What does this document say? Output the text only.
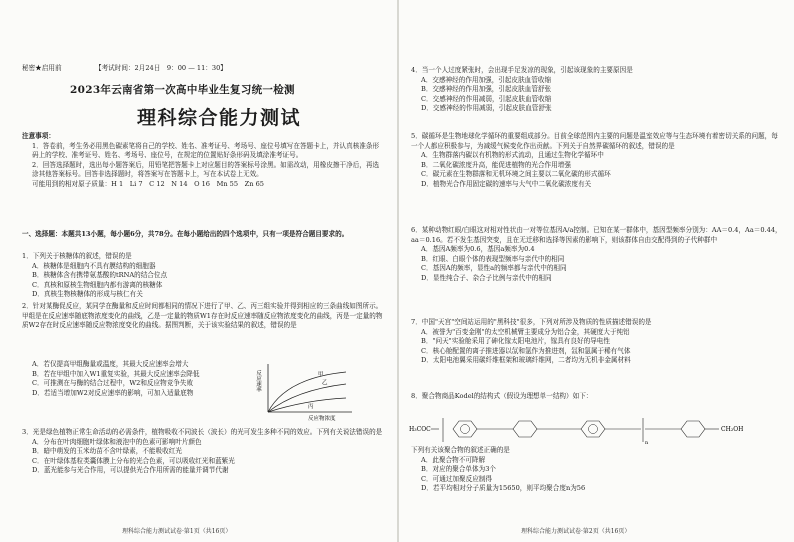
秘密★启用前	【考试时间：2月24日　9：00 — 11：30】
2023年云南省第一次高中毕业生复习统一检测
理科综合能力测试
注意事项：
1．答卷前，考生务必用黑色碳素笔将自己的学校、姓名、准考证号、考场号、座位号填写在答题卡上，并认真核准条形码上的学校、准考证号、姓名、考场号、座位号，在规定的位置贴好条形码及填涂准考证号。
2．回答选择题时，选出每小题答案后，用铅笔把答题卡上对应题目的答案标号涂黑。如需改动，用橡皮擦干净后，再选涂其他答案标号。回答非选择题时，将答案写在答题卡上，写在本试卷上无效。
可能用到的相对原子质量：H 1　Li 7　C 12　N 14　O 16　Mn 55　Zn 65
一、选择题：本题共13小题，每小题6分，共78分。在每小题给出的四个选项中，只有一项是符合题目要求的。
1．下列关于核糖体的叙述，错误的是
A．核糖体是细胞内不具有膜结构的细胞器
B．核糖体含有携带氨基酸的tRNA的结合位点
C．真核和原核生物细胞内都有游离的核糖体
D．真核生物核糖体的形成与核仁有关
2．针对某酶促反应，某同学在酶量和反应时间都相同的情况下进行了甲、乙、丙三组实验并得到相应的三条曲线如图所示。甲组是在反应速率随底物浓度变化的曲线，乙是一定量的物质W1存在时反应速率随反应物浓度变化的曲线，丙是一定量的物质W2存在时反应速率随反应物浓度变化的曲线。据图判断，关于该实验结果的叙述，错误的是
A．若仅提高甲组酶量或温度，其最大反应速率会增大
B．若在甲组中加入W1重复实验，其最大反应速率会降低
C．可推测在与酶的结合过程中，W2和反应物竞争失败
D．若适当增加W2对反应速率的影响，可加入适量底物
反应速率
反应物浓度
甲
乙
丙
3．光是绿色植物正常生命活动的必需条件，植物吸收不同波长（波长）的光可发生多种不同的效应。下列有关说法错误的是
A．分布在叶肉细胞叶绿体和液泡中的色素可影响叶片颜色
B．暗中萌发的玉米幼苗不含叶绿素，不能吸收红光
C．在叶绿体基粒类囊体膜上分布的光合色素，可以吸收红光和蓝紫光
D．蓝光能参与光合作用，可以提供光合作用所需的能量并调节代谢
理科综合能力测试试卷·第1页（共16页）
4．当一个人过度紧张时，会出现手足发凉的现象，引起该现象的主要原因是
A．交感神经的作用加强，引起皮肤血管收缩
B．交感神经的作用加强，引起皮肤血管舒张
C．交感神经的作用减弱，引起皮肤血管收缩
D．交感神经的作用减弱，引起皮肤血管舒张
5．碳循环是生物地球化学循环的重要组成部分。目前全球范围内主要的问题是温室效应等与生态环境有着密切关系的问题，每一个人都应积极参与，为减缓气候变化作出贡献。下列关于自然界碳循环的叙述，错误的是
A．生物群落内碳以有机物的形式流动，且通过生物化学循环中
B．二氧化碳浓度升高，能促进植物的光合作用增强
C．碳元素在生物群落和无机环境之间主要以二氧化碳的形式循环
D．植物光合作用固定碳的速率与大气中二氧化碳浓度有关
6．某种动物红眼/白眼这对相对性状由一对等位基因A/a控制。已知在某一群体中，基因型频率分别为：AA＝0.4，Aa＝0.44，aa＝0.16。若不发生基因突变，且在无迁移和选择等因素的影响下，则该群体自由交配得到的子代种群中
A．基因A频率为0.6，基因a频率为0.4
B．红眼、白眼个体的表现型频率与亲代中的相同
C．基因A的频率，显性a的频率都与亲代中的相同
D．显性纯合子、杂合子比例与亲代中的相同
7．中国"天宫"空间站运用的"黑科技"很多，下列对所涉及物质的性质描述错误的是
A．被誉为"百变金刚"的太空机械臂主要成分为铝合金，其硬度大于纯铝
B．"问天"实验舱采用了砷化镓太阳电池片，镓具有良好的导电性
C．核心舱配置的离子推进器以氙和氩作为推进剂，氙和氩属于稀有气体
D．太阳电池翼采用碳纤维框架和玻璃纤维网，二者均为无机非金属材料
8．聚合物商品Kodel的结构式（假设为理想单一结构）如下：
H₃COC
n
CH₂OH
下列有关该聚合物的叙述正确的是
A．此聚合物不可降解
B．对应的聚合单体为3个
C．可通过加聚反应制得
D．若平均相对分子质量为15650，则平均聚合度n为56
理科综合能力测试试卷·第2页（共16页）
